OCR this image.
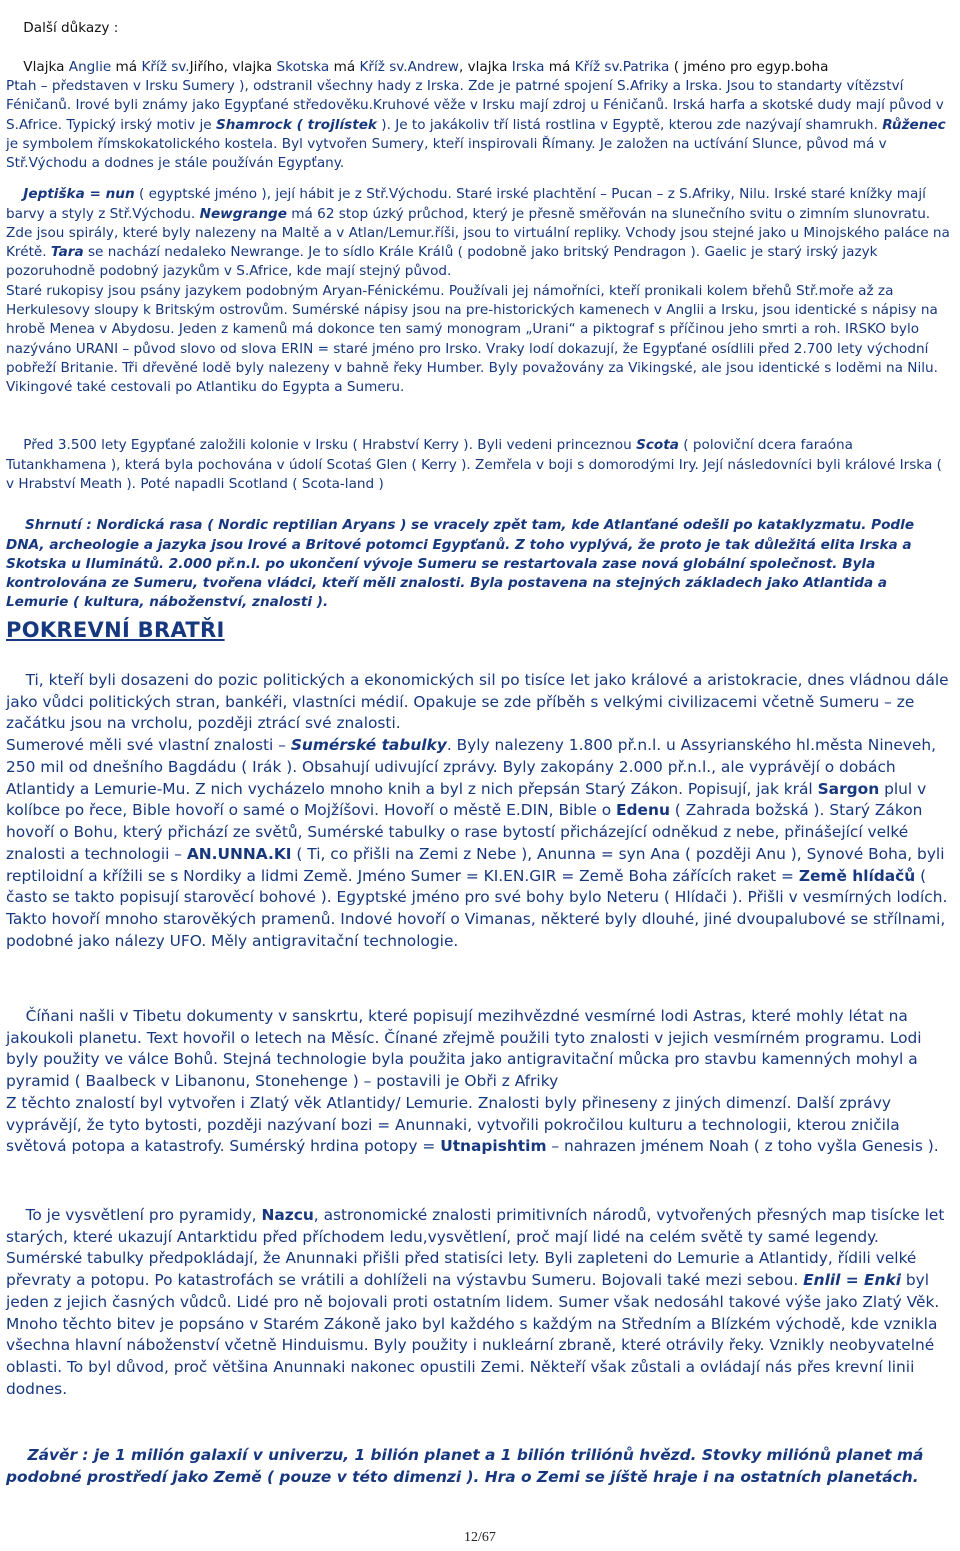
Další důkazy :

Vlajka Anglie má Kříž sv.Jiřího, vlajka Skotska má Kříž sv.Andrew, vlajka Irska má Kříž sv.Patrika ( jméno pro egyp.boha
Ptah – představen v Irsku Sumery ), odstranil všechny hady z Irska. Zde je patrné spojení S.Afriky a Irska. Jsou to standarty vítězství Féničanů. Irové byli známy jako Egypťané středověku.Kruhové věže v Irsku mají zdroj u Féničanů. Irská harfa a skotské dudy mají původ v S.Africe. Typický irský motiv je Shamrock ( trojlístek ). Je to jakákoliv tří listá rostlina v Egyptě, kterou zde nazývají shamrukh. Růženec je symbolem římskokatolického kostela. Byl vytvořen Sumery, kteří inspirovali Římany. Je založen na uctívání Slunce, původ má v Stř.Východu a dodnes je stále používán Egypťany.

Jeptiška = nun ( egyptské jméno ), její hábit je z Stř.Východu. Staré irské plachtění – Pucan – z S.Afriky, Nilu. Irské staré knížky mají barvy a styly z Stř.Východu. Newgrange má 62 stop úzký průchod, který je přesně směřován na slunečního svitu o zimním slunovratu. Zde jsou spirály, které byly nalezeny na Maltě a v Atlan/Lemur.říši, jsou to virtuální repliky. Vchody jsou stejné jako u Minojského paláce na Krétě. Tara se nachází nedaleko Newrange. Je to sídlo Krále Králů ( podobně jako britský Pendragon ). Gaelic je starý irský jazyk pozoruhodně podobný jazykům v S.Africe, kde mají stejný původ.
Staré rukopisy jsou psány jazykem podobným Aryan-Fénickému. Používali jej námořníci, kteří pronikali kolem břehů Stř.moře až za Herkulesovy sloupy k Britským ostrovům. Sumérské nápisy jsou na pre-historických kamenech v Anglii a Irsku, jsou identické s nápisy na hrobě Menea v Abydosu. Jeden z kamenů má dokonce ten samý monogram „Urani“ a piktograf s příčinou jeho smrti a roh. IRSKO bylo nazýváno URANI – původ slovo od slova ERIN = staré jméno pro Irsko. Vraky lodí dokazují, že Egypťané osídlili před 2.700 lety východní pobřeží Britanie. Tři dřevěné lodě byly nalezeny v bahně řeky Humber. Byly považovány za Vikingské, ale jsou identické s loděmi na Nilu. Vikingové také cestovali po Atlantiku do Egypta a Sumeru.

Před 3.500 lety Egypťané založili kolonie v Irsku ( Hrabství Kerry ). Byli vedeni princeznou Scota ( poloviční dcera faraóna Tutankhamena ), která byla pochována v údolí Scotaś Glen ( Kerry ). Zemřela v boji s domorodými Iry. Její následovníci byli králové Irska ( v Hrabství Meath ). Poté napadli Scotland ( Scota-land )

Shrnutí : Nordická rasa ( Nordic reptilian Aryans ) se vracely zpět tam, kde Atlanťané odešli po kataklyzmatu. Podle DNA, archeologie a jazyka jsou Irové a Britové potomci Egypťanů. Z toho vyplývá, že proto je tak důležitá elita Irska a Skotska u Iluminátů. 2.000 př.n.l. po ukončení vývoje Sumeru se restartovala zase nová globální společnost. Byla kontrolována ze Sumeru, tvořena vládci, kteří měli znalosti. Byla postavena na stejných základech jako Atlantida a Lemurie ( kultura, náboženství, znalosti ).

POKREVNÍ BRATŘI

Ti, kteří byli dosazeni do pozic politických a ekonomických sil po tisíce let jako králové a aristokracie, dnes vládnou dále jako vůdci politických stran, bankéři, vlastníci médií. Opakuje se zde příběh s velkými civilizacemi včetně Sumeru – ze začátku jsou na vrcholu, později ztrácí své znalosti.
Sumerové měli své vlastní znalosti – Sumérské tabulky. Byly nalezeny 1.800 př.n.l. u Assyrianského hl.města Nineveh, 250 mil od dnešního Bagdádu ( Irák ). Obsahují udivující zprávy. Byly zakopány 2.000 př.n.l., ale vyprávějí o dobách Atlantidy a Lemurie-Mu. Z nich vycházelo mnoho knih a byl z nich přepsán Starý Zákon. Popisují, jak král Sargon plul v kolíbce po řece, Bible hovoří o samé o Mojžíšovi. Hovoří o městě E.DIN, Bible o Edenu ( Zahrada božská ). Starý Zákon hovoří o Bohu, který přichází ze světů, Sumérské tabulky o rase bytostí přicházející odněkud z nebe, přinášející velké znalosti a technologii – AN.UNNA.KI ( Ti, co přišli na Zemi z Nebe ), Anunna = syn Ana ( později Anu ), Synové Boha, byli reptiloidní a křížili se s Nordiky a lidmi Země. Jméno Sumer = KI.EN.GIR = Země Boha zářících raket = Země hlídačů ( často se takto popisují starověcí bohové ). Egyptské jméno pro své bohy bylo Neteru ( Hlídači ). Přišli v vesmírných lodích. Takto hovoří mnoho starověkých pramenů. Indové hovoří o Vimanas, některé byly dlouhé, jiné dvoupalubové se střílnami, podobné jako nálezy UFO. Měly antigravitační technologie.

Číňani našli v Tibetu dokumenty v sanskrtu, které popisují mezihvězdné vesmírné lodi Astras, které mohly létat na jakoukoli planetu. Text hovořil o letech na Měsíc. Čínané zřejmě použili tyto znalosti v jejich vesmírném programu. Lodi byly použity ve válce Bohů. Stejná technologie byla použita jako antigravitační můcka pro stavbu kamenných mohyl a pyramid ( Baalbeck v Libanonu, Stonehenge ) – postavili je Obři z Afriky
Z těchto znalostí byl vytvořen i Zlatý věk Atlantidy/ Lemurie. Znalosti byly přineseny z jiných dimenzí. Další zprávy vyprávějí, že tyto bytosti, později nazývaní bozi = Anunnaki, vytvořili pokročilou kulturu a technologii, kterou zničila světová potopa a katastrofy. Sumérský hrdina potopy = Utnapishtim – nahrazen jménem Noah ( z toho vyšla Genesis ).

To je vysvětlení pro pyramidy, Nazcu, astronomické znalosti primitivních národů, vytvořených přesných map tisícke let starých, které ukazují Antarktidu před příchodem ledu,vysvětlení, proč mají lidé na celém světě ty samé legendy.
Sumérské tabulky předpokládají, že Anunnaki přišli před statisíci lety. Byli zapleteni do Lemurie a Atlantidy, řídili velké převraty a potopu. Po katastrofách se vrátili a dohlíželi na výstavbu Sumeru. Bojovali také mezi sebou. Enlil = Enki byl jeden z jejich časných vůdců. Lidé pro ně bojovali proti ostatním lidem. Sumer však nedosáhl takové výše jako Zlatý Věk. Mnoho těchto bitev je popsáno v Starém Zákoně jako byl každého s každým na Středním a Blízkém východě, kde vznikla všechna hlavní náboženství včetně Hinduismu. Byly použity i nukleární zbraně, které otrávily řeky. Vznikly neobyvatelné oblasti. To byl důvod, proč většina Anunnaki nakonec opustili Zemi. Někteří však zůstali a ovládají nás přes krevní linii dodnes.

Závěr : je 1 milión galaxií v univerzu, 1 bilión planet a 1 bilión triliónů hvězd. Stovky miliónů planet má podobné prostředí jako Země ( pouze v této dimenzi ). Hra o Zemi se jíště hraje i na ostatních planetách.

12/67
